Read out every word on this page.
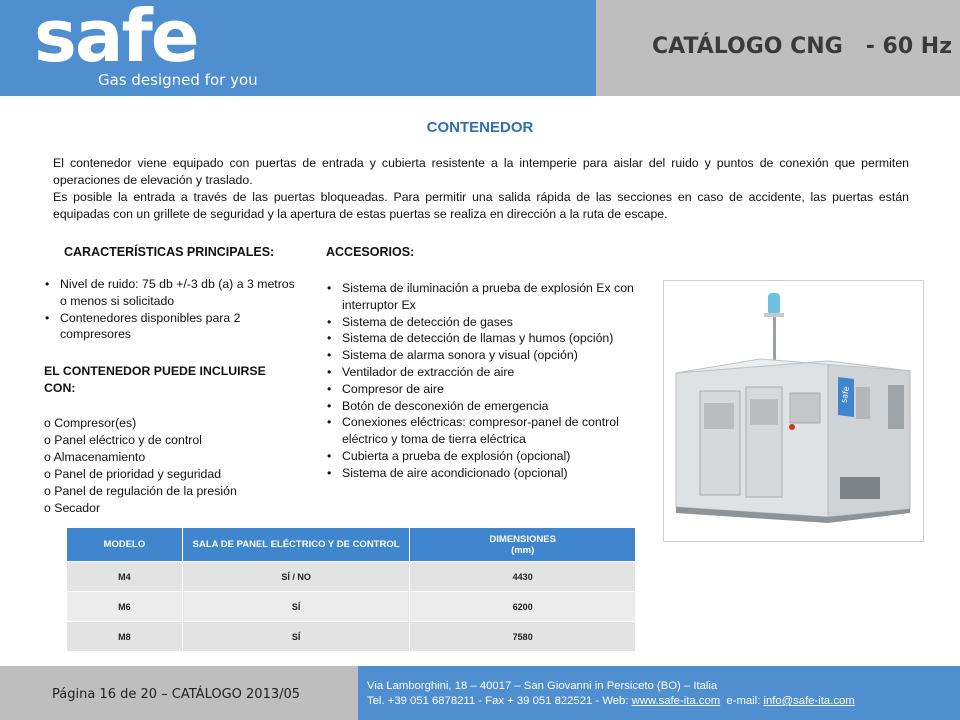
safe
Gas designed for you
CATÁLOGO CNG   - 60 Hz
CONTENEDOR

El contenedor viene equipado con puertas de entrada y cubierta resistente a la intemperie para aislar del ruido y puntos de conexión que permiten operaciones de elevación y traslado.

Es posible la entrada a través de las puertas bloqueadas. Para permitir una salida rápida de las secciones en caso de accidente, las puertas están equipadas con un grillete de seguridad y la apertura de estas puertas se realiza en dirección a la ruta de escape.

CARACTERÍSTICAS PRINCIPALES:	ACCESORIOS:
• Nivel de ruido: 75 db +/-3 db (a) a 3 metros o menos si solicitado
• Contenedores disponibles para 2 compresores
EL CONTENEDOR PUEDE INCLUIRSE CON:
o Compresor(es)
o Panel eléctrico y de control
o Almacenamiento
o Panel de prioridad y seguridad
o Panel de regulación de la presión
o Secador
• Sistema de iluminación a prueba de explosión Ex con interruptor Ex
• Sistema de detección de gases
• Sistema de detección de llamas y humos (opción)
• Sistema de alarma sonora y visual (opción)
• Ventilador de extracción de aire
• Compresor de aire
• Botón de desconexión de emergencia
• Conexiones eléctricas: compresor-panel de control eléctrico y toma de tierra eléctrica
• Cubierta a prueba de explosión (opcional)
• Sistema de aire acondicionado (opcional)
safe
MODELO	SALA DE PANEL ELÉCTRICO Y DE CONTROL	DIMENSIONES
(mm)
M4	SÍ / NO	4430
M6	SÍ	6200
M8	SÍ	7580
Página 16 de 20 – CATÁLOGO 2013/05
Via Lamborghini, 18 – 40017 – San Giovanni in Persiceto (BO) – Italia
Tel. +39 051 6878211 - Fax + 39 051 822521 - Web: www.safe-ita.com  e-mail: info@safe-ita.com
